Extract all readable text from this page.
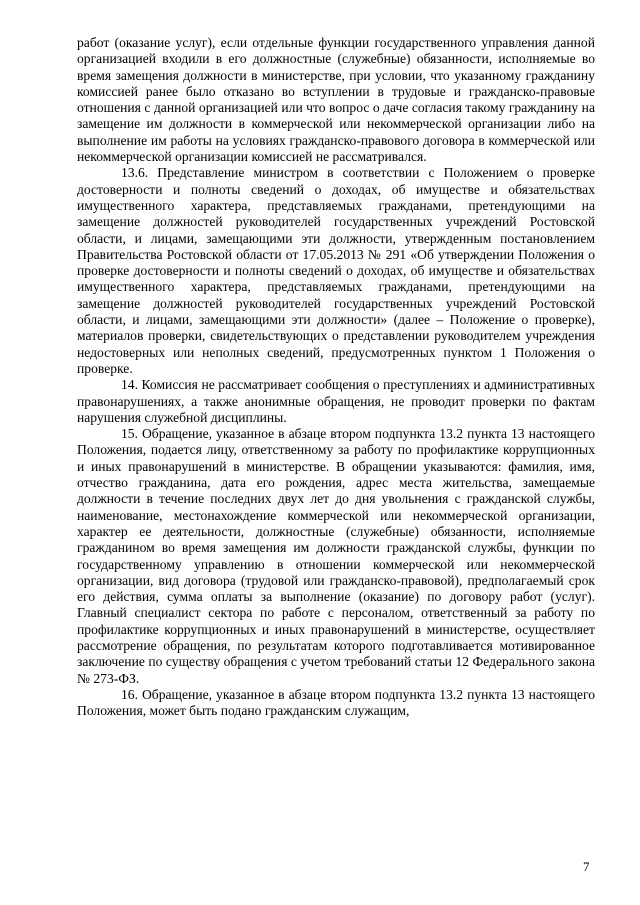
работ (оказание услуг), если отдельные функции государственного управления данной организацией входили в его должностные (служебные) обязанности, исполняемые во время замещения должности в министерстве, при условии, что указанному гражданину комиссией ранее было отказано во вступлении в трудовые и гражданско-правовые отношения с данной организацией или что вопрос о даче согласия такому гражданину на замещение им должности в коммерческой или некоммерческой организации либо на выполнение им работы на условиях гражданско-правового договора в коммерческой или некоммерческой организации комиссией не рассматривался.

13.6. Представление министром в соответствии с Положением о проверке достоверности и полноты сведений о доходах, об имуществе и обязательствах имущественного характера, представляемых гражданами, претендующими на замещение должностей руководителей государственных учреждений Ростовской области, и лицами, замещающими эти должности, утвержденным постановлением Правительства Ростовской области от 17.05.2013 № 291 «Об утверждении Положения о проверке достоверности и полноты сведений о доходах, об имуществе и обязательствах имущественного характера, представляемых гражданами, претендующими на замещение должностей руководителей государственных учреждений Ростовской области, и лицами, замещающими эти должности» (далее – Положение о проверке), материалов проверки, свидетельствующих о представлении руководителем учреждения недостоверных или неполных сведений, предусмотренных пунктом 1 Положения о проверке.

14. Комиссия не рассматривает сообщения о преступлениях и административных правонарушениях, а также анонимные обращения, не проводит проверки по фактам нарушения служебной дисциплины.

15. Обращение, указанное в абзаце втором подпункта 13.2 пункта 13 настоящего Положения, подается лицу, ответственному за работу по профилактике коррупционных и иных правонарушений в министерстве. В обращении указываются: фамилия, имя, отчество гражданина, дата его рождения, адрес места жительства, замещаемые должности в течение последних двух лет до дня увольнения с гражданской службы, наименование, местонахождение коммерческой или некоммерческой организации, характер ее деятельности, должностные (служебные) обязанности, исполняемые гражданином во время замещения им должности гражданской службы, функции по государственному управлению в отношении коммерческой или некоммерческой организации, вид договора (трудовой или гражданско-правовой), предполагаемый срок его действия, сумма оплаты за выполнение (оказание) по договору работ (услуг). Главный специалист сектора по работе с персоналом, ответственный за работу по профилактике коррупционных и иных правонарушений в министерстве, осуществляет рассмотрение обращения, по результатам которого подготавливается мотивированное заключение по существу обращения с учетом требований статьи 12 Федерального закона № 273-ФЗ.

16. Обращение, указанное в абзаце втором подпункта 13.2 пункта 13 настоящего Положения, может быть подано гражданским служащим,

7
